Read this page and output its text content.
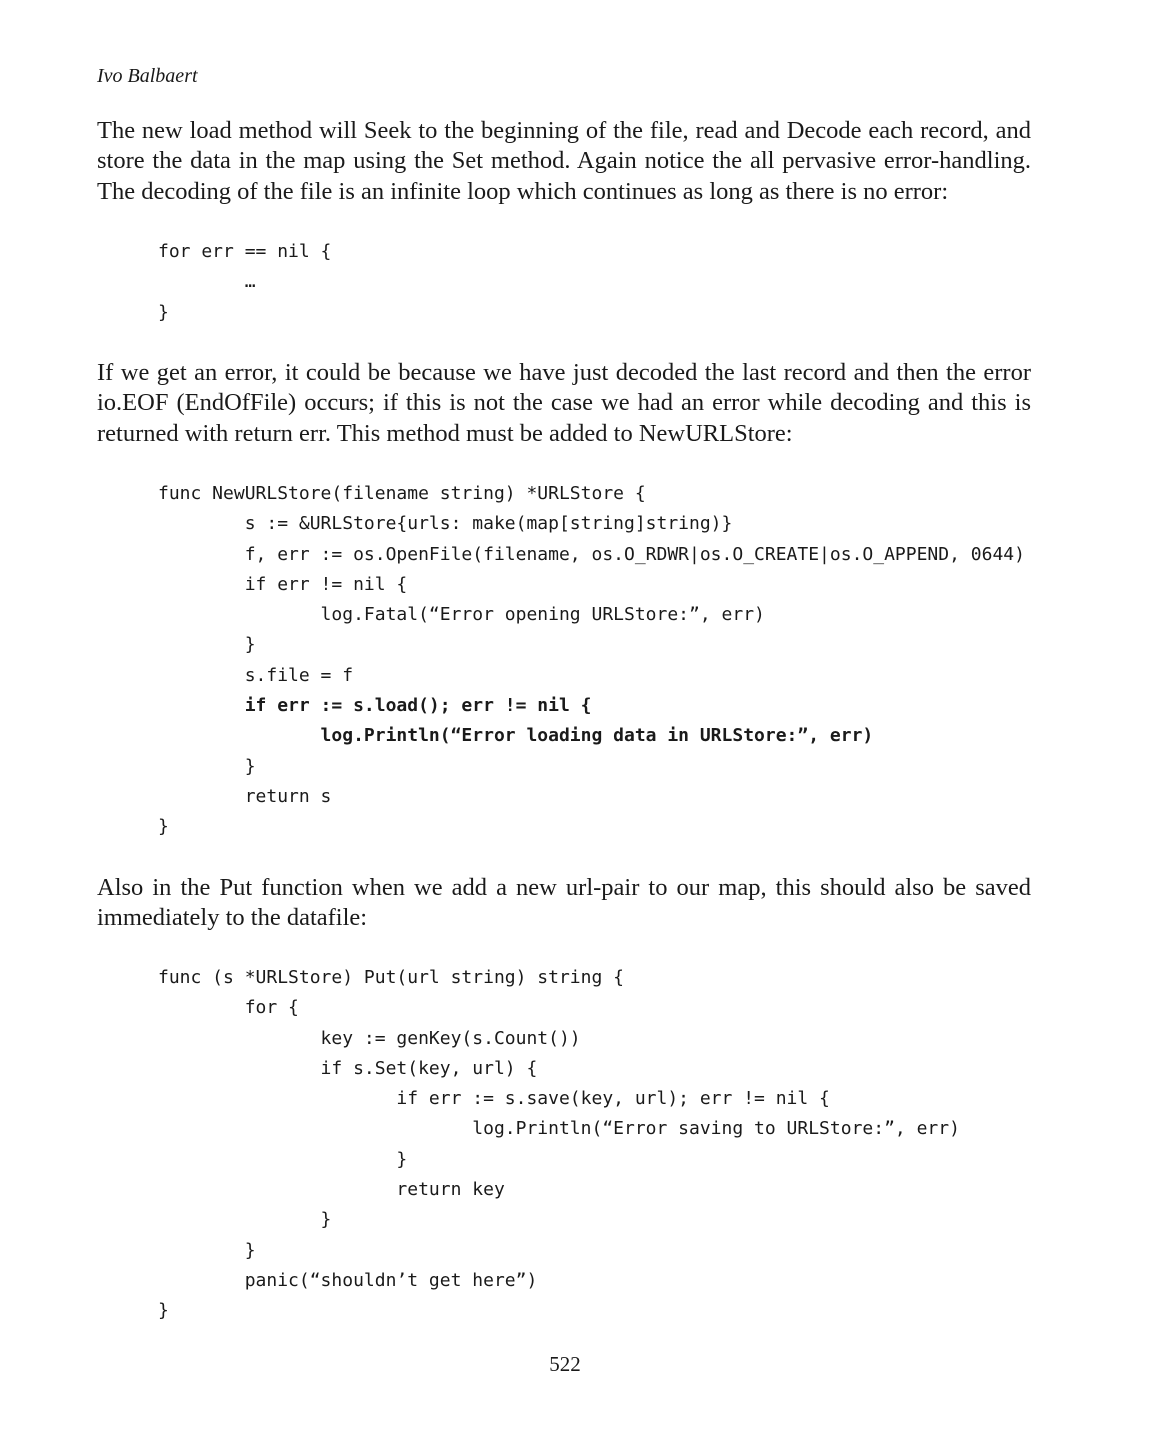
Ivo Balbaert

The new load method will Seek to the beginning of the file, read and Decode each record, and store the data in the map using the Set method. Again notice the all pervasive error-handling. The decoding of the file is an infinite loop which continues as long as there is no error:

for err == nil {
…
}

If we get an error, it could be because we have just decoded the last record and then the error io.EOF (EndOfFile) occurs; if this is not the case we had an error while decoding and this is returned with return err. This method must be added to NewURLStore:

func NewURLStore(filename string) *URLStore {
s := &URLStore{urls: make(map[string]string)}
f, err := os.OpenFile(filename, os.O_RDWR|os.O_CREATE|os.O_APPEND, 0644)
if err != nil {
log.Fatal(“Error opening URLStore:”, err)
}
s.file = f
if err := s.load(); err != nil {
log.Println(“Error loading data in URLStore:”, err)
}
return s
}

Also in the Put function when we add a new url-pair to our map, this should also be saved immediately to the datafile:

func (s *URLStore) Put(url string) string {
for {
key := genKey(s.Count())
if s.Set(key, url) {
if err := s.save(key, url); err != nil {
log.Println(“Error saving to URLStore:”, err)
}
return key
}
}
panic(“shouldn’t get here”)
}

522
